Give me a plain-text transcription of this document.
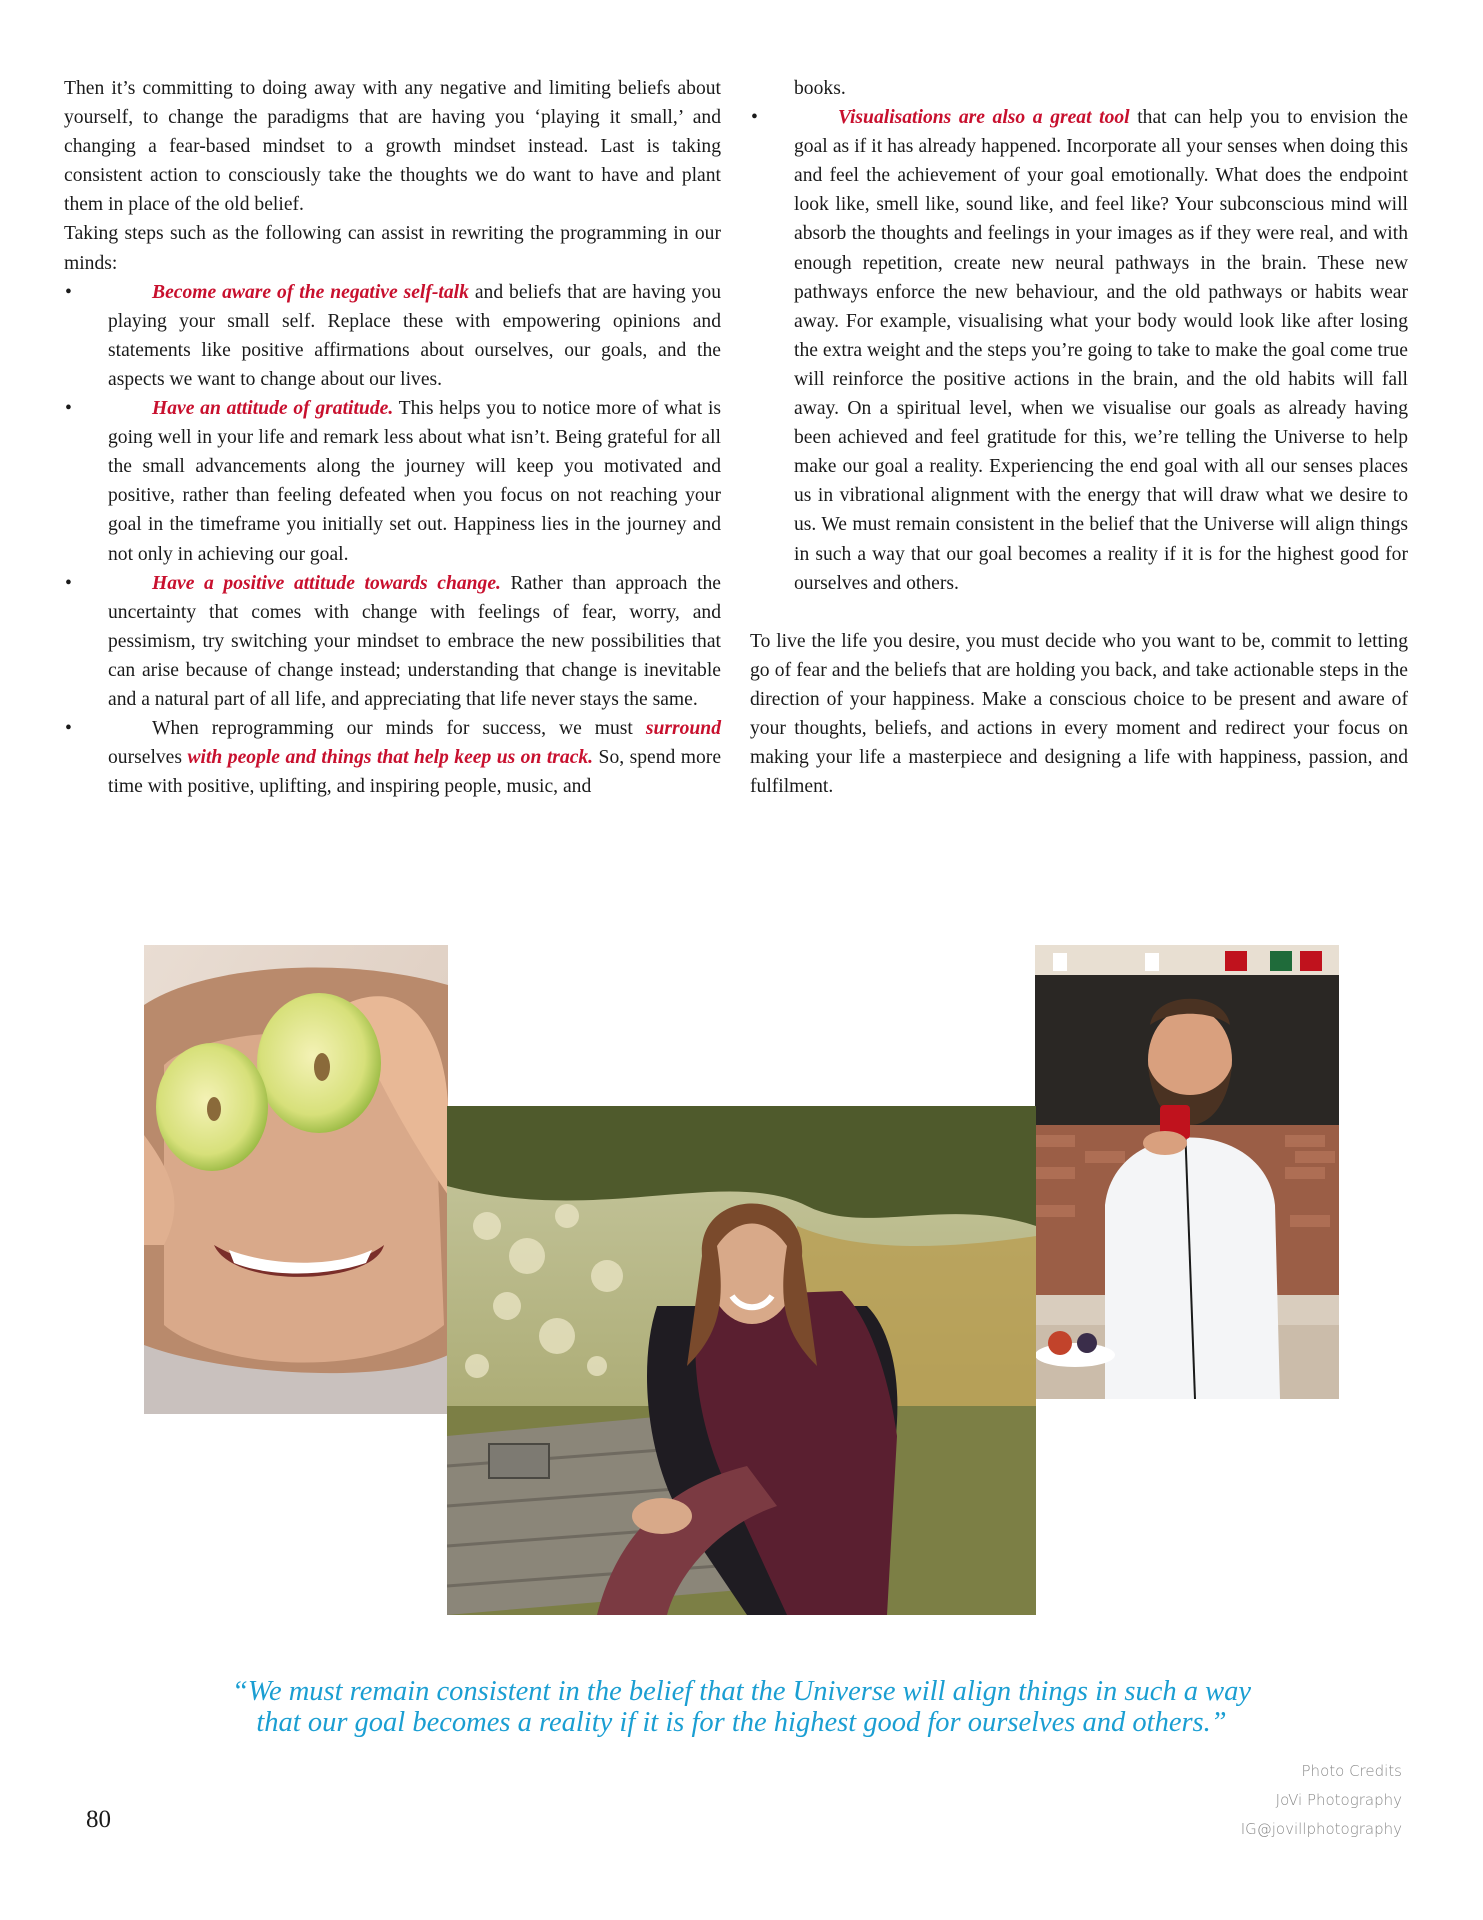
Then it’s committing to doing away with any negative and limiting beliefs about yourself, to change the paradigms that are having you ‘playing it small,’ and changing a fear-based mindset to a growth mindset instead. Last is taking consistent action to consciously take the thoughts we do want to have and plant them in place of the old belief.

Taking steps such as the following can assist in rewriting the programming in our minds:

• Become aware of the negative self-talk and beliefs that are having you playing your small self. Replace these with empowering opinions and statements like positive affirmations about ourselves, our goals, and the aspects we want to change about our lives.
• Have an attitude of gratitude. This helps you to notice more of what is going well in your life and remark less about what isn’t. Being grateful for all the small advancements along the journey will keep you motivated and positive, rather than feeling defeated when you focus on not reaching your goal in the timeframe you initially set out. Happiness lies in the journey and not only in achieving our goal.
• Have a positive attitude towards change. Rather than approach the uncertainty that comes with change with feelings of fear, worry, and pessimism, try switching your mindset to embrace the new possibilities that can arise because of change instead; understanding that change is inevitable and a natural part of all life, and appreciating that life never stays the same.
• When reprogramming our minds for success, we must surround ourselves with people and things that help keep us on track. So, spend more time with positive, uplifting, and inspiring people, music, and

books.

• Visualisations are also a great tool that can help you to envision the goal as if it has already happened. Incorporate all your senses when doing this and feel the achievement of your goal emotionally. What does the endpoint look like, smell like, sound like, and feel like? Your subconscious mind will absorb the thoughts and feelings in your images as if they were real, and with enough repetition, create new neural pathways in the brain. These new pathways enforce the new behaviour, and the old pathways or habits wear away. For example, visualising what your body would look like after losing the extra weight and the steps you’re going to take to make the goal come true will reinforce the positive actions in the brain, and the old habits will fall away. On a spiritual level, when we visualise our goals as already having been achieved and feel gratitude for this, we’re telling the Universe to help make our goal a reality. Experiencing the end goal with all our senses places us in vibrational alignment with the energy that will draw what we desire to us. We must remain consistent in the belief that the Universe will align things in such a way that our goal becomes a reality if it is for the highest good for ourselves and others.

To live the life you desire, you must decide who you want to be, commit to letting go of fear and the beliefs that are holding you back, and take actionable steps in the direction of your happiness. Make a conscious choice to be present and aware of your thoughts, beliefs, and actions in every moment and redirect your focus on making your life a masterpiece and designing a life with happiness, passion, and fulfilment.

“We must remain consistent in the belief that the Universe will align things in such a way
that our goal becomes a reality if it is for the highest good for ourselves and others.”
Photo Credits
JoVi Photography
IG@jovillphotography
80
